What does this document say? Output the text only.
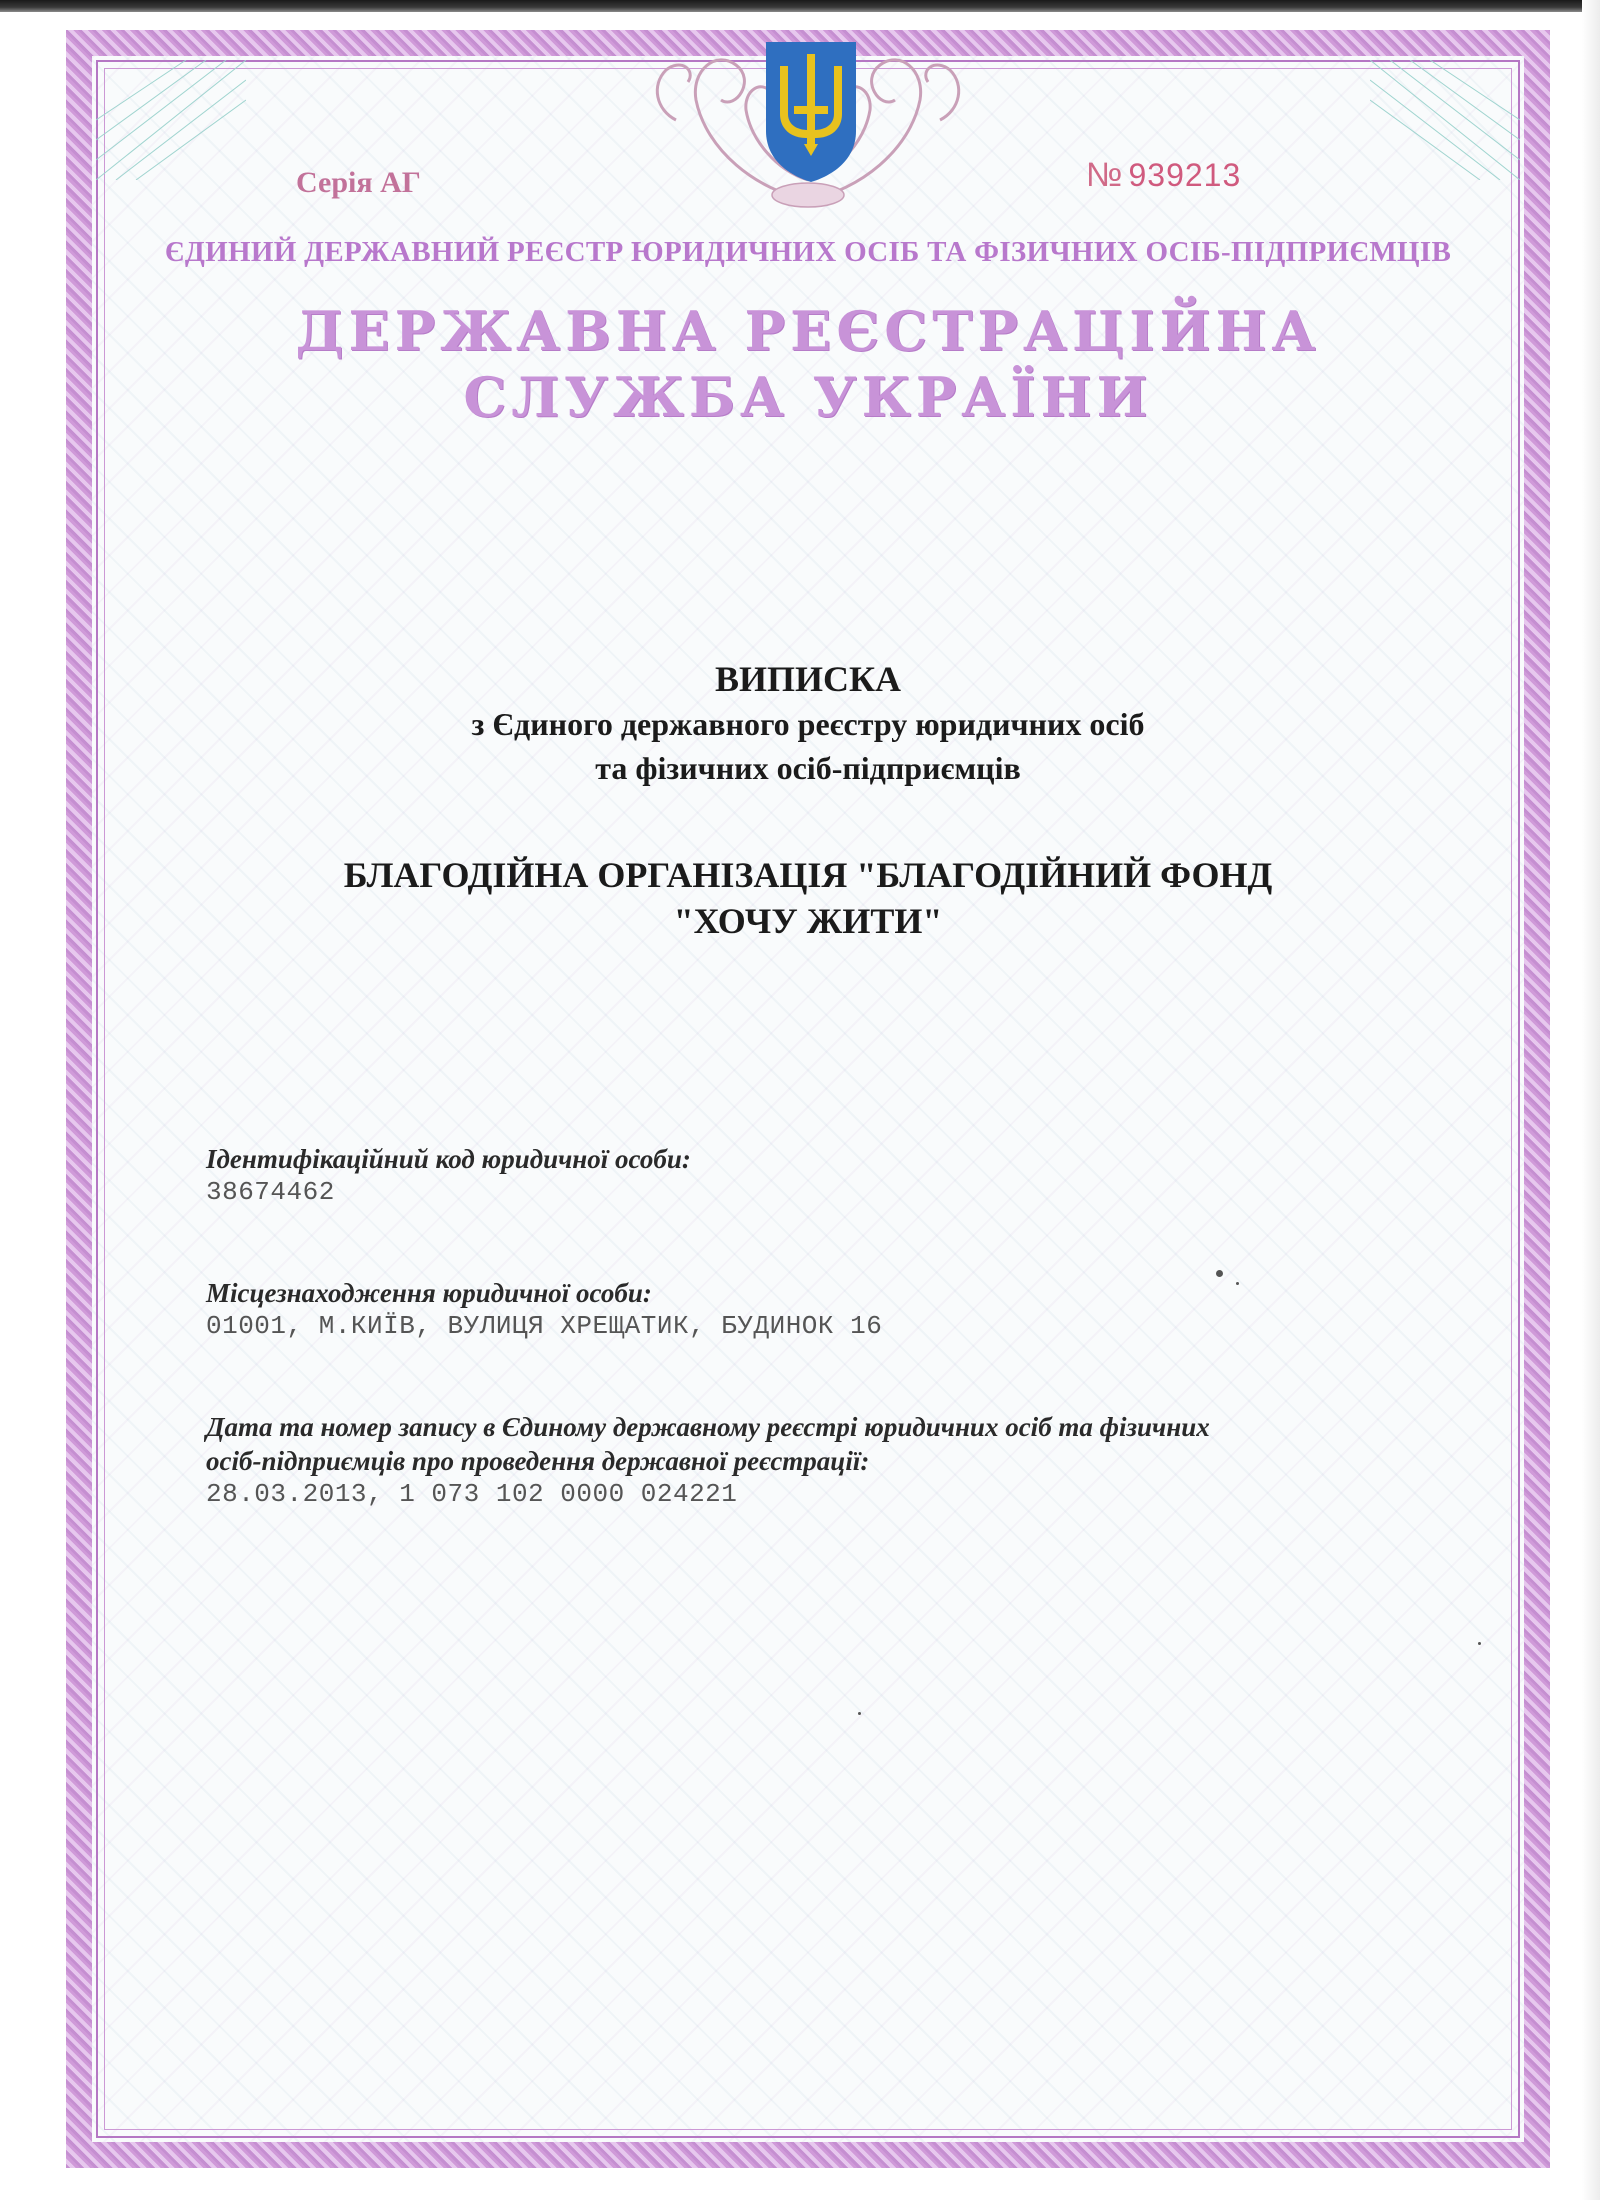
Серія АГ	№ 939213
ЄДИНИЙ ДЕРЖАВНИЙ РЕЄСТР ЮРИДИЧНИХ ОСІБ ТА ФІЗИЧНИХ ОСІБ-ПІДПРИЄМЦІВ
ДЕРЖАВНА РЕЄСТРАЦІЙНА
СЛУЖБА УКРАЇНИ
ВИПИСКА
з Єдиного державного реєстру юридичних осіб
та фізичних осіб-підприємців
БЛАГОДІЙНА ОРГАНІЗАЦІЯ "БЛАГОДІЙНИЙ ФОНД
"ХОЧУ ЖИТИ"
Ідентифікаційний код юридичної особи:
38674462
Місцезнаходження юридичної особи:
01001, М.КИЇВ, ВУЛИЦЯ ХРЕЩАТИК, БУДИНОК 16
Дата та номер запису в Єдиному державному реєстрі юридичних осіб та фізичних
осіб-підприємців про проведення державної реєстрації:
28.03.2013, 1 073 102 0000 024221
